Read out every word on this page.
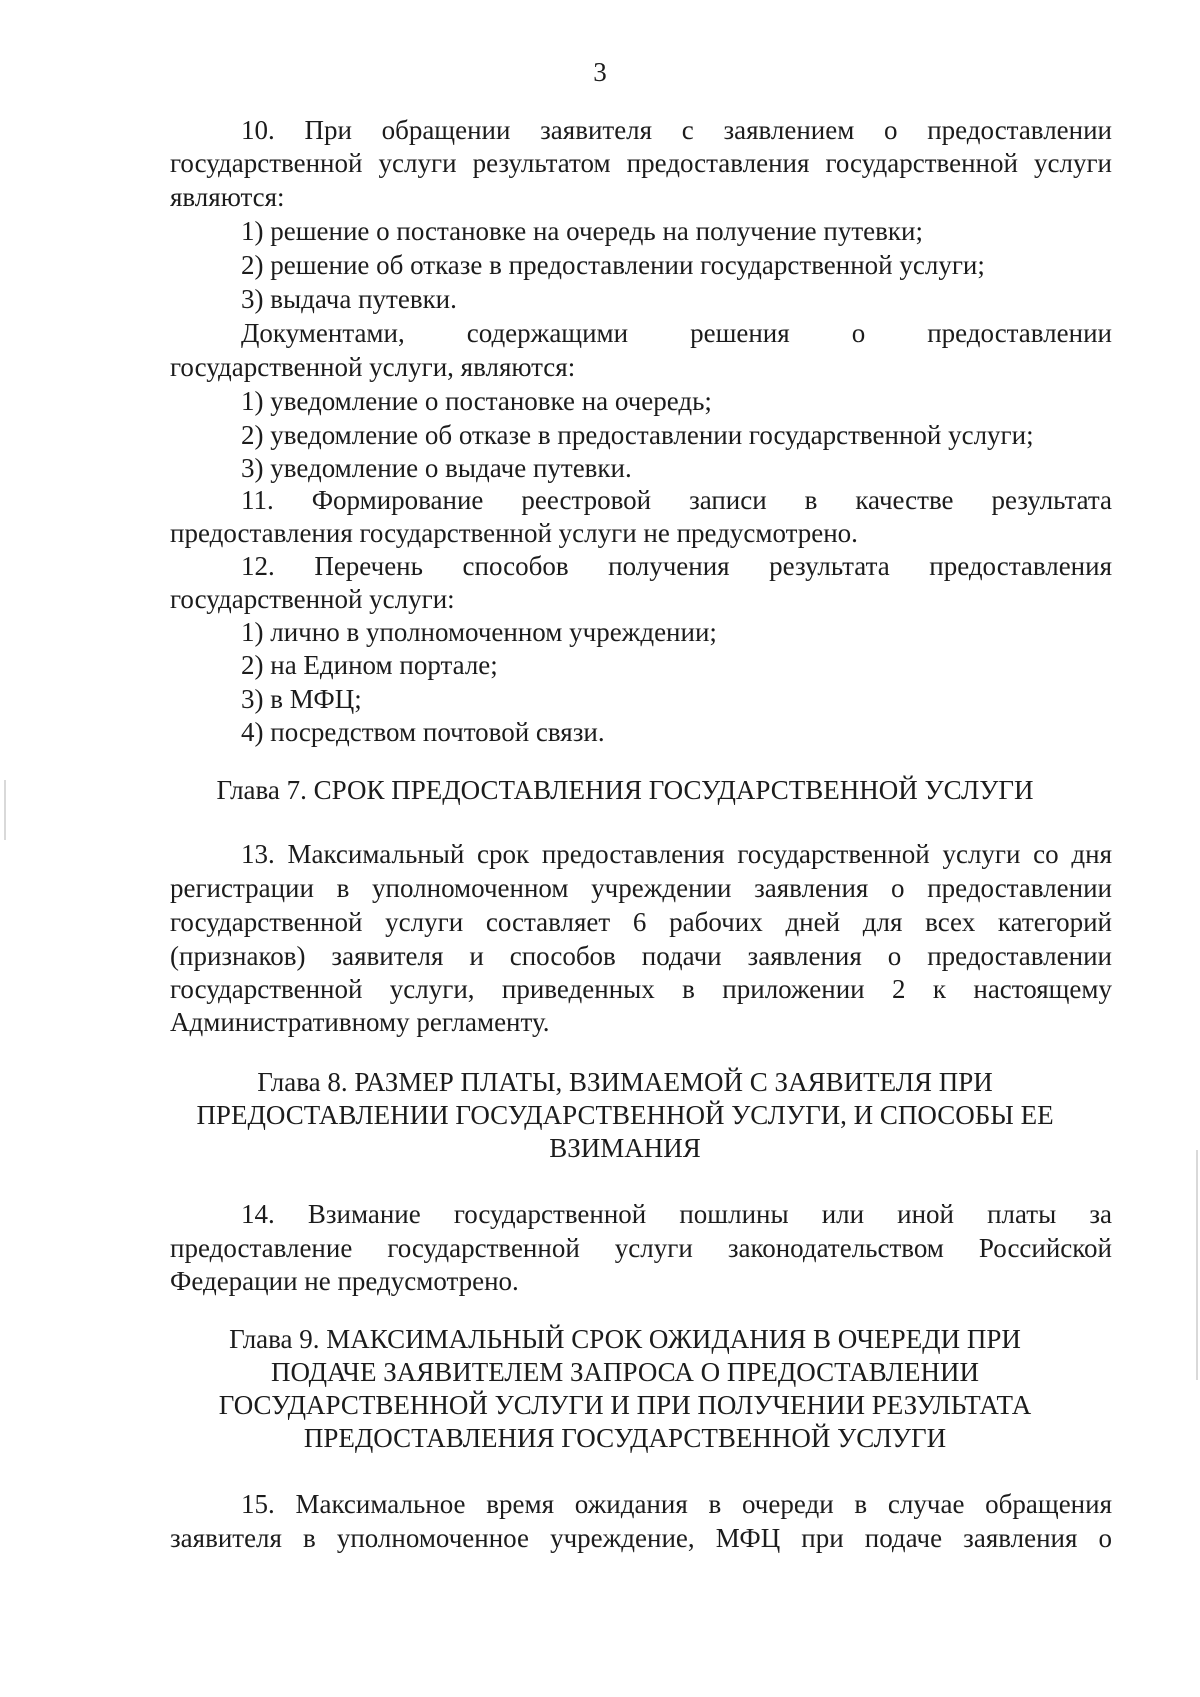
3
10. При обращении заявителя с заявлением о предоставлении
государственной услуги результатом предоставления государственной услуги
являются:
1) решение о постановке на очередь на получение путевки;
2) решение об отказе в предоставлении государственной услуги;
3) выдача путевки.
Документами, содержащими решения о предоставлении
государственной услуги, являются:
1) уведомление о постановке на очередь;
2) уведомление об отказе в предоставлении государственной услуги;
3) уведомление о выдаче путевки.
11. Формирование реестровой записи в качестве результата
предоставления государственной услуги не предусмотрено.
12. Перечень способов получения результата предоставления
государственной услуги:
1) лично в уполномоченном учреждении;
2) на Едином портале;
3) в МФЦ;
4) посредством почтовой связи.
Глава 7. СРОК ПРЕДОСТАВЛЕНИЯ ГОСУДАРСТВЕННОЙ УСЛУГИ
13. Максимальный срок предоставления государственной услуги со дня
регистрации в уполномоченном учреждении заявления о предоставлении
государственной услуги составляет 6 рабочих дней для всех категорий
(признаков) заявителя и способов подачи заявления о предоставлении
государственной услуги, приведенных в приложении 2 к настоящему
Административному регламенту.
Глава 8. РАЗМЕР ПЛАТЫ, ВЗИМАЕМОЙ С ЗАЯВИТЕЛЯ ПРИ
ПРЕДОСТАВЛЕНИИ ГОСУДАРСТВЕННОЙ УСЛУГИ, И СПОСОБЫ ЕЕ
ВЗИМАНИЯ
14. Взимание государственной пошлины или иной платы за
предоставление государственной услуги законодательством Российской
Федерации не предусмотрено.
Глава 9. МАКСИМАЛЬНЫЙ СРОК ОЖИДАНИЯ В ОЧЕРЕДИ ПРИ
ПОДАЧЕ ЗАЯВИТЕЛЕМ ЗАПРОСА О ПРЕДОСТАВЛЕНИИ
ГОСУДАРСТВЕННОЙ УСЛУГИ И ПРИ ПОЛУЧЕНИИ РЕЗУЛЬТАТА
ПРЕДОСТАВЛЕНИЯ ГОСУДАРСТВЕННОЙ УСЛУГИ
15. Максимальное время ожидания в очереди в случае обращения
заявителя в уполномоченное учреждение, МФЦ при подаче заявления о
